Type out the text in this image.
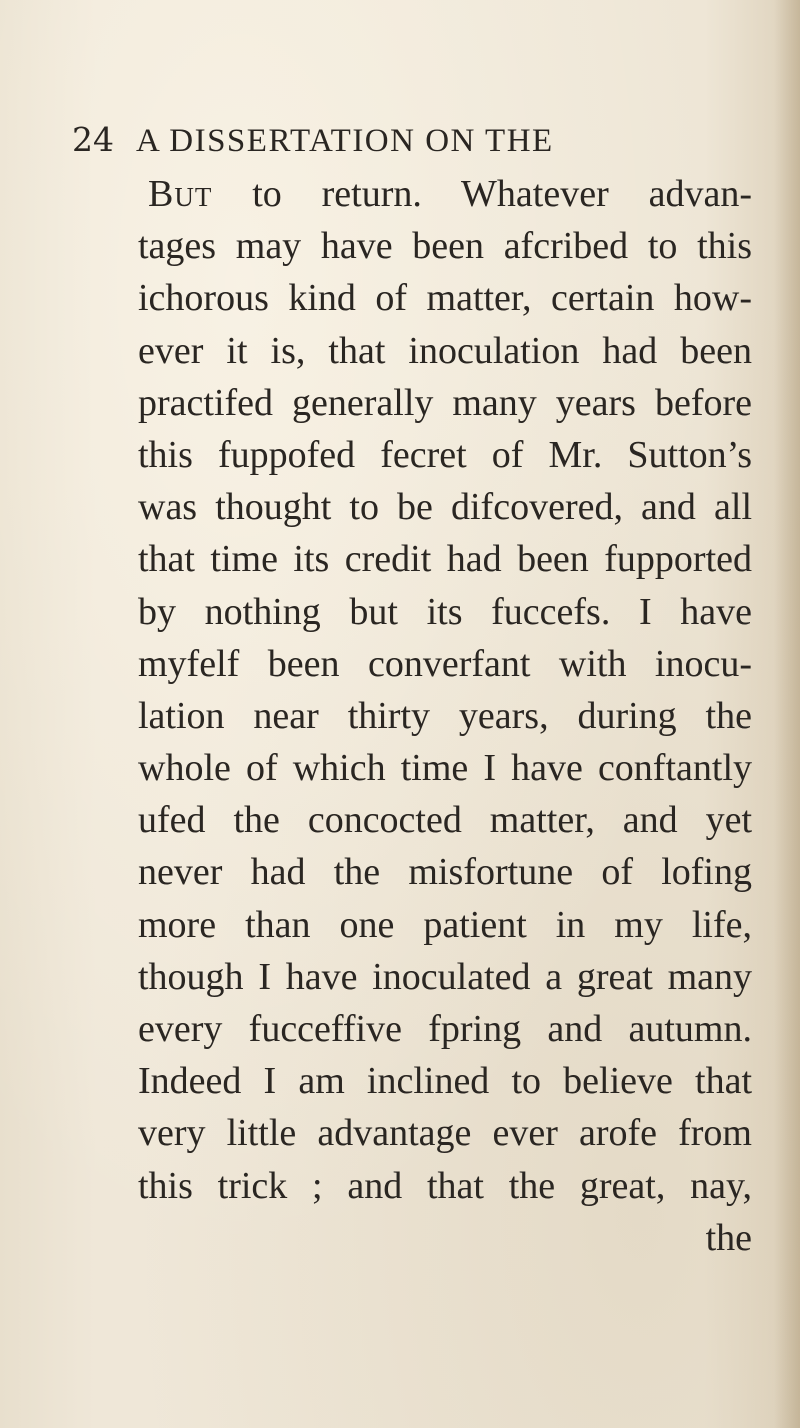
24 A DISSERTATION ON THE
But to return. Whatever advan-
tages may have been afcribed to this
ichorous kind of matter, certain how-
ever it is, that inoculation had been
practifed generally many years before
this fuppofed fecret of Mr. Sutton’s
was thought to be difcovered, and all
that time its credit had been fupported
by nothing but its fuccefs. I have
myfelf been converfant with inocu-
lation near thirty years, during the
whole of which time I have conftantly
ufed the concocted matter, and yet
never had the misfortune of lofing
more than one patient in my life,
though I have inoculated a great many
every fucceffive fpring and autumn.
Indeed I am inclined to believe that
very little advantage ever arofe from
this trick ; and that the great, nay,
the
